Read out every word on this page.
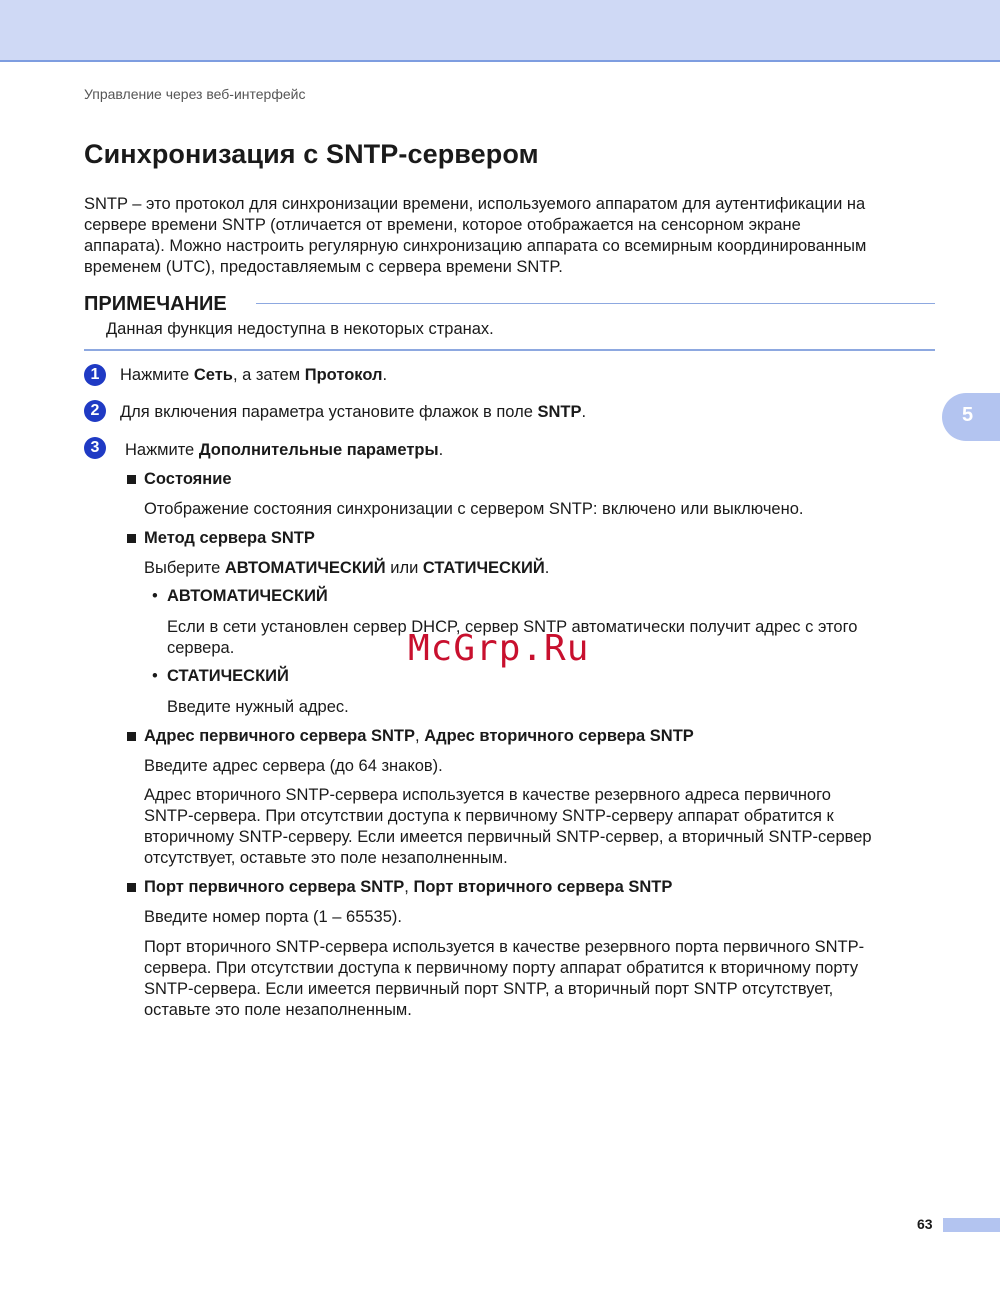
Управление через веб-интерфейс
Синхронизация с SNTP-сервером
SNTP – это протокол для синхронизации времени, используемого аппаратом для аутентификации на
сервере времени SNTP (отличается от времени, которое отображается на сенсорном экране
аппарата). Можно настроить регулярную синхронизацию аппарата со всемирным координированным
временем (UTC), предоставляемым с сервера времени SNTP.
ПРИМЕЧАНИЕ
Данная функция недоступна в некоторых странах.
1	Нажмите Сеть, а затем Протокол.
2	Для включения параметра установите флажок в поле SNTP.
3	Нажмите Дополнительные параметры.
Состояние
Отображение состояния синхронизации с сервером SNTP: включено или выключено.
Метод сервера SNTP
Выберите АВТОМАТИЧЕСКИЙ или СТАТИЧЕСКИЙ.
• АВТОМАТИЧЕСКИЙ
Если в сети установлен сервер DHCP, сервер SNTP автоматически получит адрес с этого
сервера.
• СТАТИЧЕСКИЙ
Введите нужный адрес.
Адрес первичного сервера SNTP, Адрес вторичного сервера SNTP
Введите адрес сервера (до 64 знаков).
Адрес вторичного SNTP-сервера используется в качестве резервного адреса первичного
SNTP-сервера. При отсутствии доступа к первичному SNTP-серверу аппарат обратится к
вторичному SNTP-серверу. Если имеется первичный SNTP-сервер, а вторичный SNTP-сервер
отсутствует, оставьте это поле незаполненным.
Порт первичного сервера SNTP, Порт вторичного сервера SNTP
Введите номер порта (1 – 65535).
Порт вторичного SNTP-сервера используется в качестве резервного порта первичного SNTP-
сервера. При отсутствии доступа к первичному порту аппарат обратится к вторичному порту
SNTP-сервера. Если имеется первичный порт SNTP, а вторичный порт SNTP отсутствует,
оставьте это поле незаполненным.
5
McGrp.Ru
63
